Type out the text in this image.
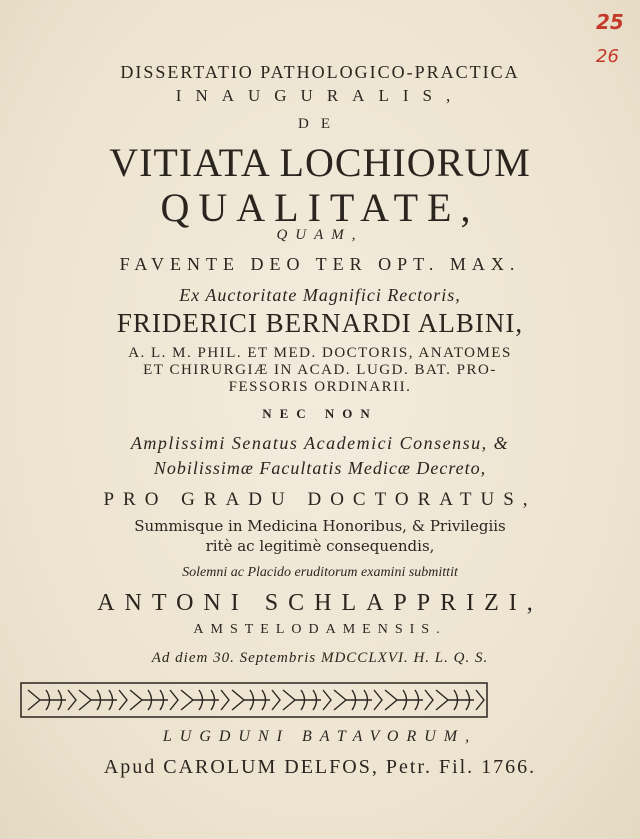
25
26
DISSERTATIO PATHOLOGICO-PRACTICA
INAUGURALIS,
DE
VITIATA LOCHIORUM
QUALITATE,
QUAM,
FAVENTE DEO TER OPT. MAX.
Ex Auctoritate Magnifici Rectoris,
FRIDERICI BERNARDI ALBINI,
A. L. M. PHIL. ET MED. DOCTORIS, ANATOMES
ET CHIRURGIÆ IN ACAD. LUGD. BAT. PRO-
FESSORIS ORDINARII.
NEC NON
Amplissimi Senatus Academici Consensu, &
Nobilissimæ Facultatis Medicæ Decreto,
PRO GRADU DOCTORATUS,
Summisque in Medicina Honoribus, & Privilegiis
ritè ac legitimè consequendis,
Solemni ac Placido eruditorum examini submittit
ANTONI SCHLAPPRIZI,
AMSTELODAMENSIS.
Ad diem 30. Septembris MDCCLXVI. H. L. Q. S.
LUGDUNI BATAVORUM,
Apud CAROLUM DELFOS, Petr. Fil. 1766.
